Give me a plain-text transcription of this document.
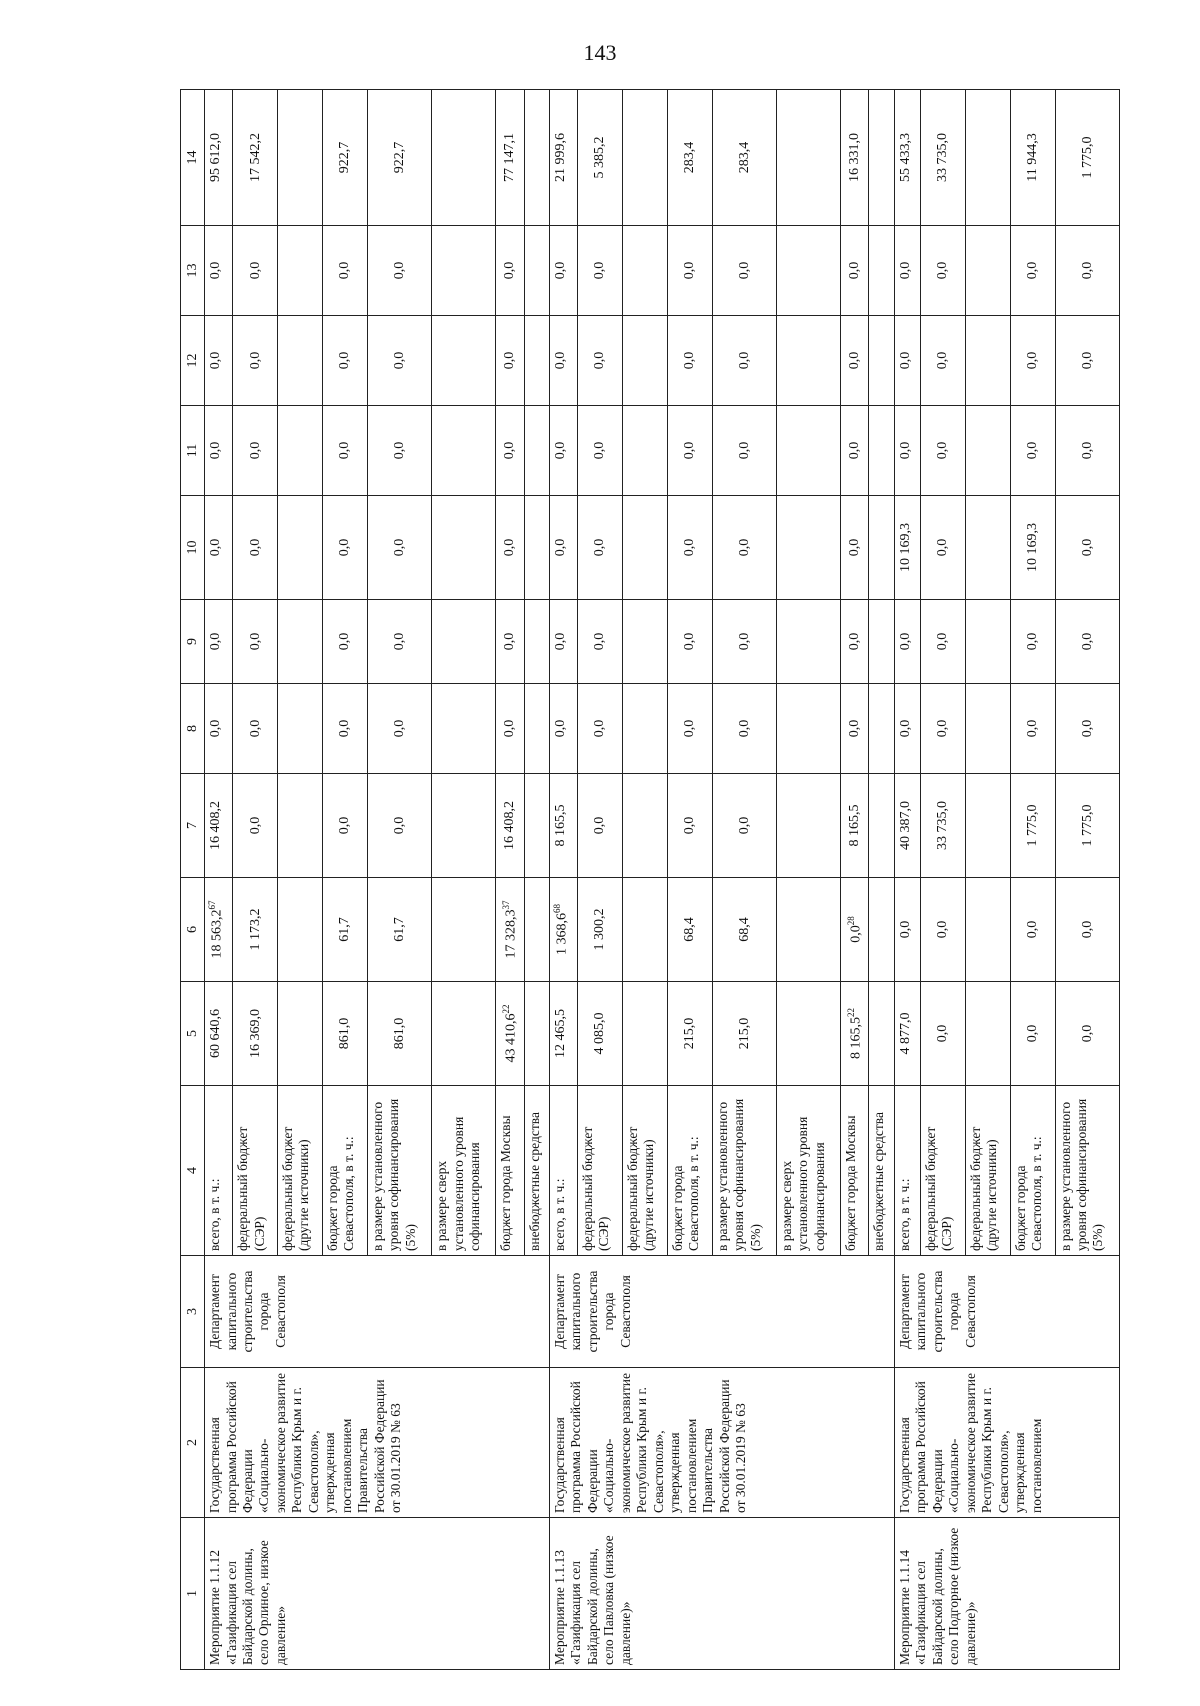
143
1	2	3	4	5	6	7	8	9	10	11	12	13	14
Мероприятие 1.1.12 «Газификация сел Байдарской долины, село Орлиное, низкое давление»	Государственная программа Российской Федерации «Социально-экономическое развитие Республики Крым и г. Севастополя», утвержденная постановлением Правительства Российской Федерации от 30.01.2019 № 63	Департамент капитального строительства города Севастополя	всего, в т. ч.:	60 640,6	18 563,2$^{67}$	16 408,2	0,0	0,0	0,0	0,0	0,0	0,0	95 612,0
			федеральный бюджет (СЭР)	16 369,0	1 173,2	0,0	0,0	0,0	0,0	0,0	0,0	0,0	17 542,2
			федеральный бюджет (другие источники)										
			бюджет города Севастополя, в т. ч.:	861,0	61,7	0,0	0,0	0,0	0,0	0,0	0,0	0,0	922,7
			в размере установленного уровня софинансирования (5%)	861,0	61,7	0,0	0,0	0,0	0,0	0,0	0,0	0,0	922,7
			в размере сверх установленного уровня софинансирования										
			бюджет города Москвы	43 410,6$^{22}$	17 328,3$^{37}$	16 408,2	0,0	0,0	0,0	0,0	0,0	0,0	77 147,1
			внебюджетные средства										
Мероприятие 1.1.13 «Газификация сел Байдарской долины, село Павловка (низкое давление)»	Государственная программа Российской Федерации «Социально-экономическое развитие Республики Крым и г. Севастополя», утвержденная постановлением Правительства Российской Федерации от 30.01.2019 № 63	Департамент капитального строительства города Севастополя	всего, в т. ч.:	12 465,5	1 368,6$^{68}$	8 165,5	0,0	0,0	0,0	0,0	0,0	0,0	21 999,6
			федеральный бюджет (СЭР)	4 085,0	1 300,2	0,0	0,0	0,0	0,0	0,0	0,0	0,0	5 385,2
			федеральный бюджет (другие источники)										
			бюджет города Севастополя, в т. ч.:	215,0	68,4	0,0	0,0	0,0	0,0	0,0	0,0	0,0	283,4
			в размере установленного уровня софинансирования (5%)	215,0	68,4	0,0	0,0	0,0	0,0	0,0	0,0	0,0	283,4
			в размере сверх установленного уровня софинансирования										
			бюджет города Москвы	8 165,5$^{22}$	$0,0^{28}$	8 165,5	0,0	0,0	0,0	0,0	0,0	0,0	16 331,0
			внебюджетные средства										
Мероприятие 1.1.14 «Газификация сел Байдарской долины, село Подгорное (низкое давление)»	Государственная программа Российской Федерации «Социально-экономическое развитие Республики Крым и г. Севастополя», утвержденная постановлением	Департамент капитального строительства города Севастополя	всего, в т. ч.:	4 877,0	0,0	40 387,0	0,0	0,0	10 169,3	0,0	0,0	0,0	55 433,3
			федеральный бюджет (СЭР)	0,0	0,0	33 735,0	0,0	0,0	0,0	0,0	0,0	0,0	33 735,0
			федеральный бюджет (другие источники)										
			бюджет города Севастополя, в т. ч.:	0,0	0,0	1 775,0	0,0	0,0	10 169,3	0,0	0,0	0,0	11 944,3
			в размере установленного уровня софинансирования (5%)	0,0	0,0	1 775,0	0,0	0,0	0,0	0,0	0,0	0,0	1 775,0
